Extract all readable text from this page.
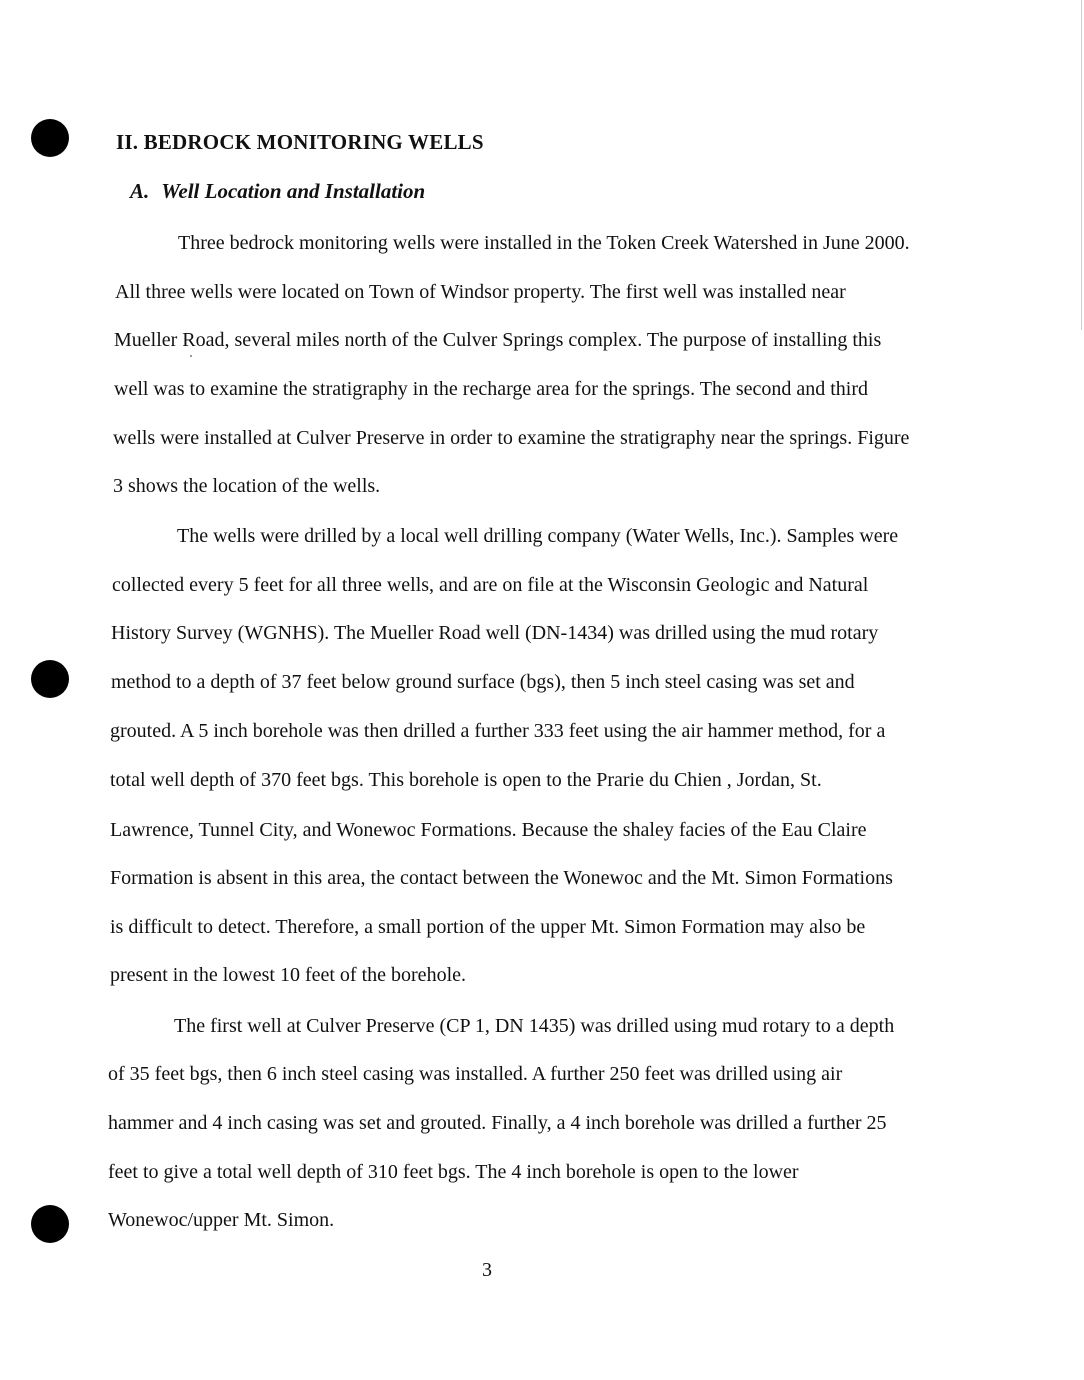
II. BEDROCK MONITORING WELLS
A. Well Location and Installation
Three bedrock monitoring wells were installed in the Token Creek Watershed in June 2000.
All three wells were located on Town of Windsor property. The first well was installed near
Mueller Road, several miles north of the Culver Springs complex. The purpose of installing this
well was to examine the stratigraphy in the recharge area for the springs. The second and third
wells were installed at Culver Preserve in order to examine the stratigraphy near the springs. Figure
3 shows the location of the wells.
The wells were drilled by a local well drilling company (Water Wells, Inc.). Samples were
collected every 5 feet for all three wells, and are on file at the Wisconsin Geologic and Natural
History Survey (WGNHS). The Mueller Road well (DN-1434) was drilled using the mud rotary
method to a depth of 37 feet below ground surface (bgs), then 5 inch steel casing was set and
grouted. A 5 inch borehole was then drilled a further 333 feet using the air hammer method, for a
total well depth of 370 feet bgs. This borehole is open to the Prarie du Chien , Jordan, St.
Lawrence, Tunnel City, and Wonewoc Formations. Because the shaley facies of the Eau Claire
Formation is absent in this area, the contact between the Wonewoc and the Mt. Simon Formations
is difficult to detect. Therefore, a small portion of the upper Mt. Simon Formation may also be
present in the lowest 10 feet of the borehole.
The first well at Culver Preserve (CP 1, DN 1435) was drilled using mud rotary to a depth
of 35 feet bgs, then 6 inch steel casing was installed. A further 250 feet was drilled using air
hammer and 4 inch casing was set and grouted. Finally, a 4 inch borehole was drilled a further 25
feet to give a total well depth of 310 feet bgs. The 4 inch borehole is open to the lower
Wonewoc/upper Mt. Simon.
3
